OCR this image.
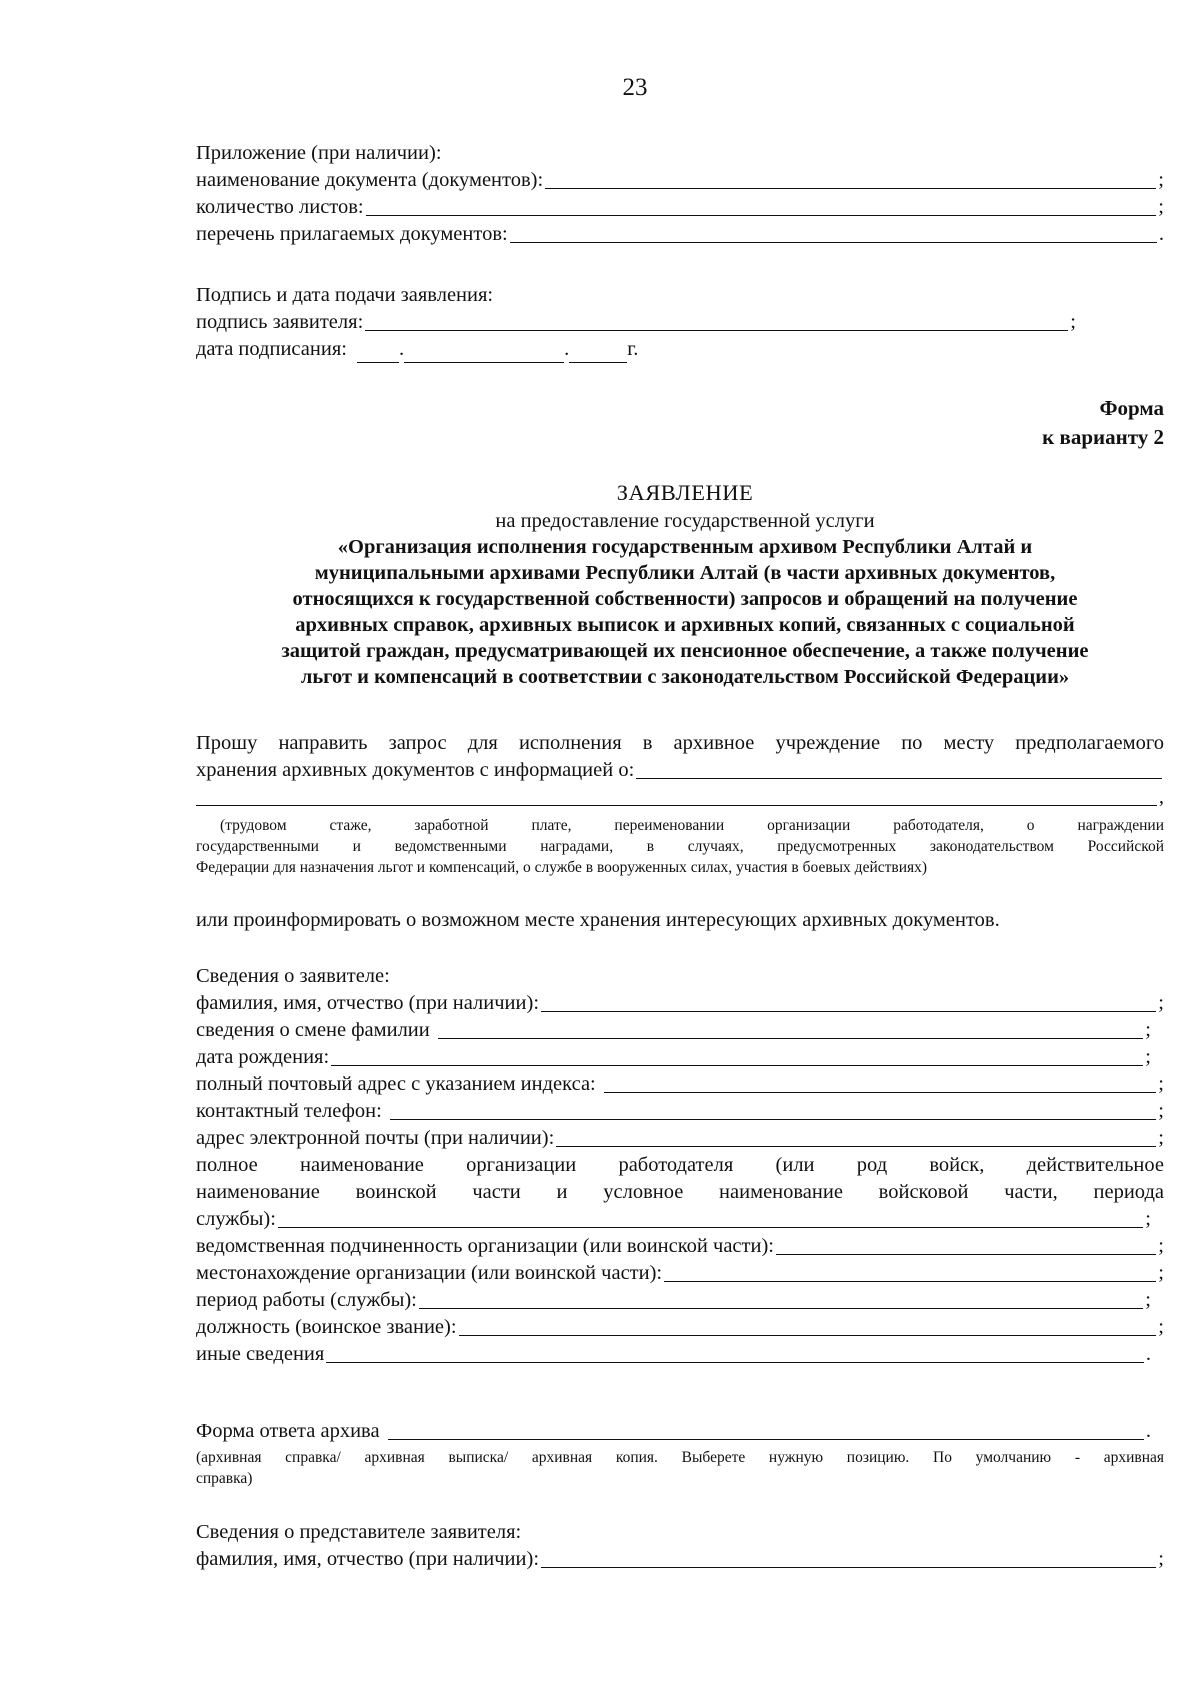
23
Приложение (при наличии):
наименование документа (документов):	;
количество листов:	;
перечень прилагаемых документов:	.
Подпись и дата подачи заявления:
подпись заявителя:	;
дата подписания:	.	.	г.
Форма
к варианту 2
ЗАЯВЛЕНИЕ
на предоставление государственной услуги
«Организация исполнения государственным архивом Республики Алтай и
муниципальными архивами Республики Алтай (в части архивных документов,
относящихся к государственной собственности) запросов и обращений на получение
архивных справок, архивных выписок и архивных копий, связанных с социальной
защитой граждан, предусматривающей их пенсионное обеспечение, а также получение
льгот и компенсаций в соответствии с законодательством Российской Федерации»
Прошу направить запрос для исполнения в архивное учреждение по месту предполагаемого
хранения архивных документов с информацией о:
,
(трудовом стаже, заработной плате, переименовании организации работодателя, о награждении
государственными и ведомственными наградами, в случаях, предусмотренных законодательством Российской
Федерации для назначения льгот и компенсаций, о службе в вооруженных силах, участия в боевых действиях)
или проинформировать о возможном месте хранения интересующих архивных документов.
Сведения о заявителе:
фамилия, имя, отчество (при наличии):	;
сведения о смене фамилии	;
дата рождения:	;
полный почтовый адрес с указанием индекса:	;
контактный телефон:	;
адрес электронной почты (при наличии):	;
полное наименование организации работодателя (или род войск, действительное
наименование воинской части и условное наименование войсковой части, периода
службы):	;
ведомственная подчиненность организации (или воинской части):	;
местонахождение организации (или воинской части):	;
период работы (службы):	;
должность (воинское звание):	;
иные сведения	.
Форма ответа архива	.
(архивная справка/ архивная выписка/ архивная копия. Выберете нужную позицию. По умолчанию - архивная
справка)
Сведения о представителе заявителя:
фамилия, имя, отчество (при наличии):	;
